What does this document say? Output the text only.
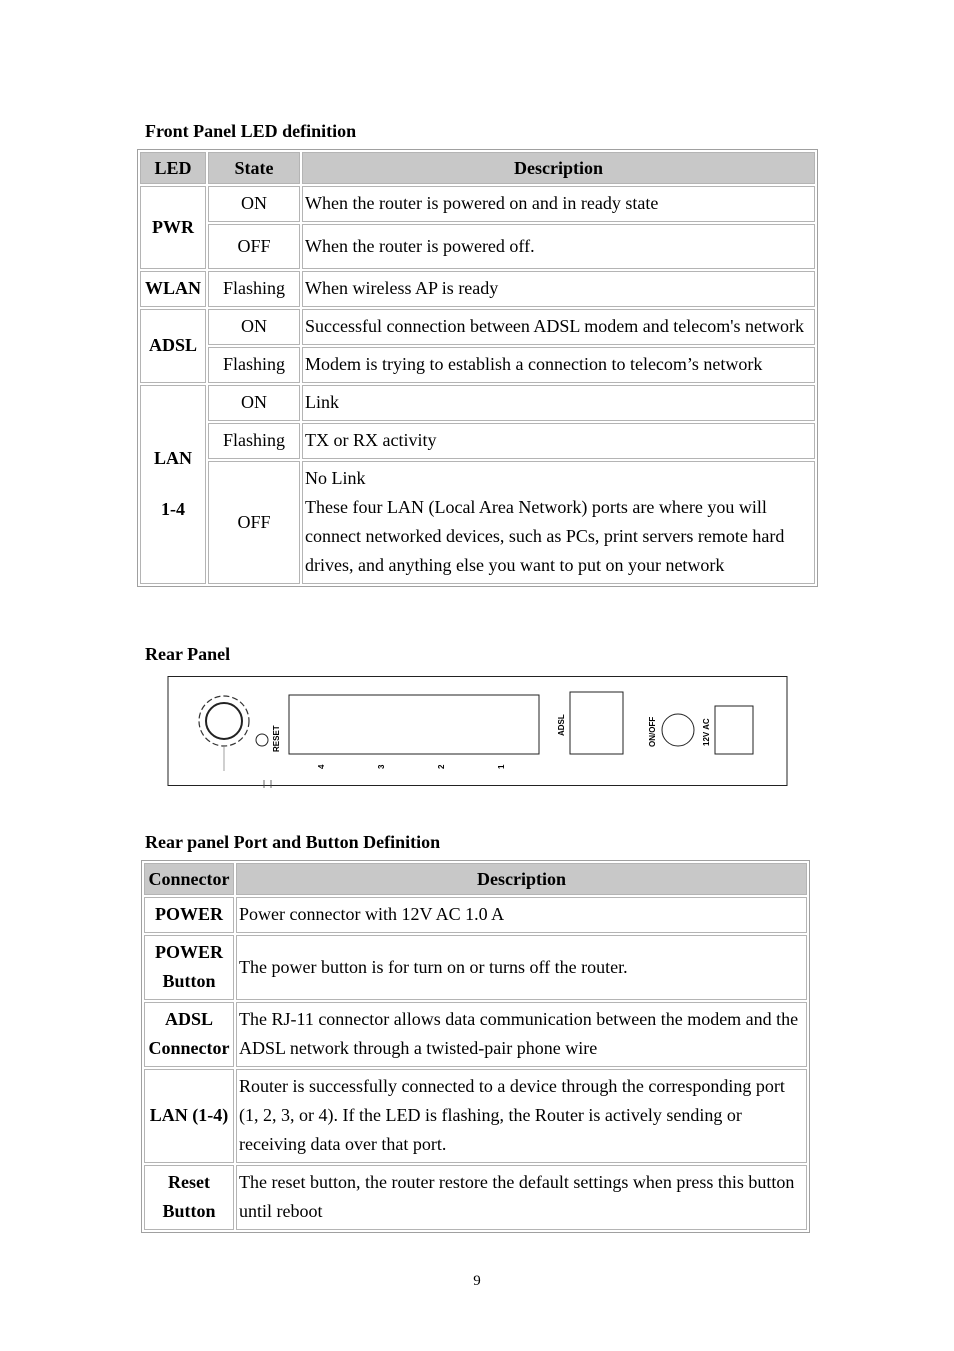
Front Panel LED definition
LED	State	Description
PWR	ON	When the router is powered on and in ready state
	OFF	When the router is powered off.
WLAN	Flashing	When wireless AP is ready
ADSL	ON	Successful connection between ADSL modem and telecom's network
	Flashing	Modem is trying to establish a connection to telecom’s network

LAN
1-4	ON	Link
	Flashing	TX or RX activity
	OFF	No Link
These four LAN (Local Area Network) ports are where you will connect networked devices, such as PCs, print servers remote hard drives, and anything else you want to put on your network
Rear Panel
RESET
4	3	2	1
ADSL	ON/OFF	12V AC
Rear panel Port and Button Definition
Connector	Description
POWER	Power connector with 12V AC 1.0 A
POWER Button	The power button is for turn on or turns off the router.
ADSL Connector	The RJ-11 connector allows data communication between the modem and the ADSL network through a twisted-pair phone wire
LAN (1-4)	Router is successfully connected to a device through the corresponding port (1, 2, 3, or 4). If the LED is flashing, the Router is actively sending or receiving data over that port.
Reset Button	The reset button, the router restore the default settings when press this button until reboot
9
